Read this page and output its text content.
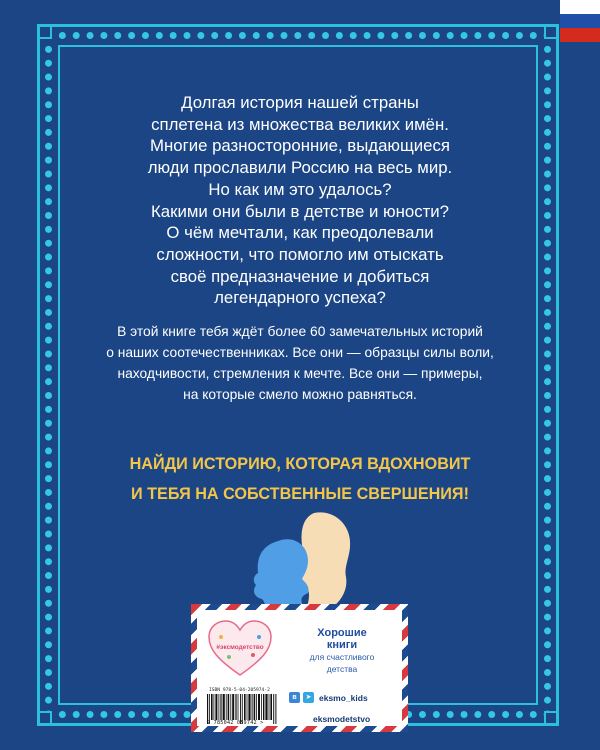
Долгая история нашей страны
сплетена из множества великих имён.
Многие разносторонние, выдающиеся
люди прославили Россию на весь мир.
Но как им это удалось?
Какими они были в детстве и юности?
О чём мечтали, как преодолевали
сложности, что помогло им отыскать
своё предназначение и добиться
легендарного успеха?
В этой книге тебя ждёт более 60 замечательных историй
о наших соотечественниках. Все они — образцы силы воли,
находчивости, стремления к мечте. Все они — примеры,
на которые смело можно равняться.
НАЙДИ ИСТОРИЮ, КОТОРАЯ ВДОХНОВИТ
И ТЕБЯ НА СОБСТВЕННЫЕ СВЕРШЕНИЯ!
#эксмодетство
Хорошие
книги
для счастливого
детства
ISBN 978-5-04-205974-2
9 785042 059742 >
в	➤ eksmo_kids
eksmodetstvo
